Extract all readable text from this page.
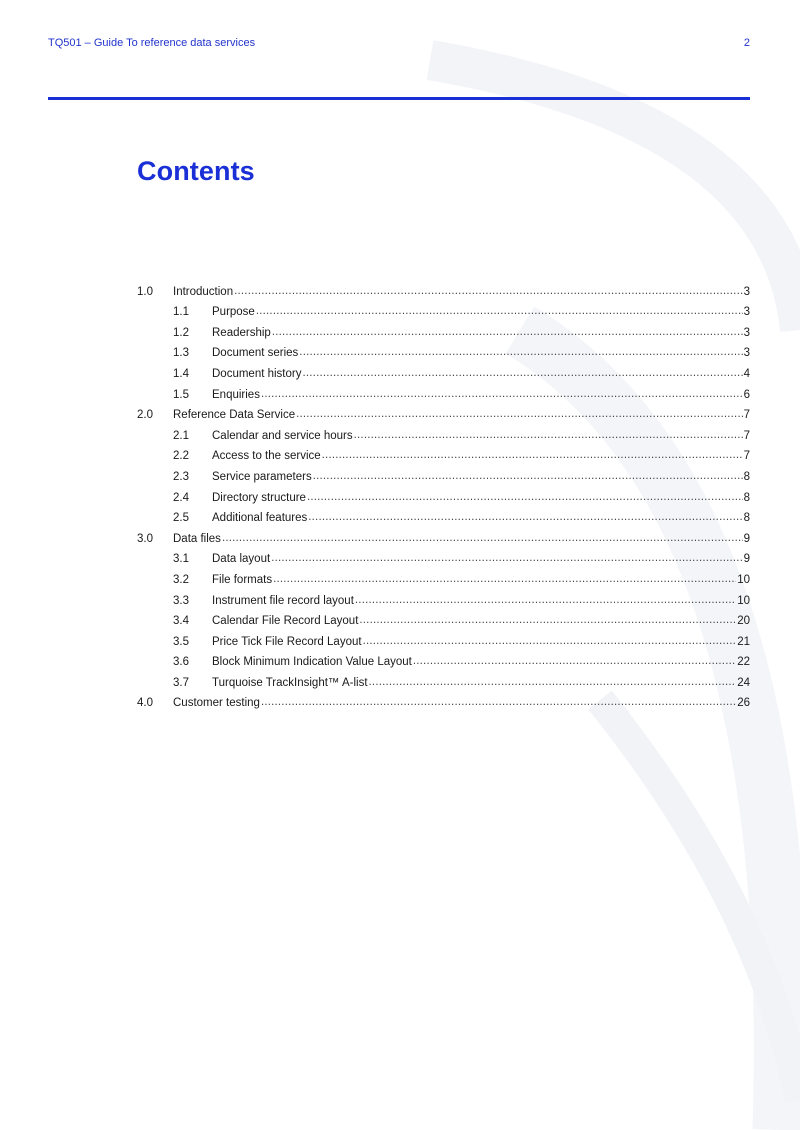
TQ501 – Guide To reference data services	2
Contents
1.0	Introduction .....	3
1.1	Purpose .....	3
1.2	Readership .....	3
1.3	Document series .....	3
1.4	Document history .....	4
1.5	Enquiries .....	6
2.0	Reference Data Service .....	7
2.1	Calendar and service hours .....	7
2.2	Access to the service .....	7
2.3	Service parameters .....	8
2.4	Directory structure .....	8
2.5	Additional features .....	8
3.0	Data files .....	9
3.1	Data layout .....	9
3.2	File formats .....	10
3.3	Instrument file record layout .....	10
3.4	Calendar File Record Layout .....	20
3.5	Price Tick File Record Layout .....	21
3.6	Block Minimum Indication Value Layout .....	22
3.7	Turquoise TrackInsight™ A-list .....	24
4.0	Customer testing .....	26
